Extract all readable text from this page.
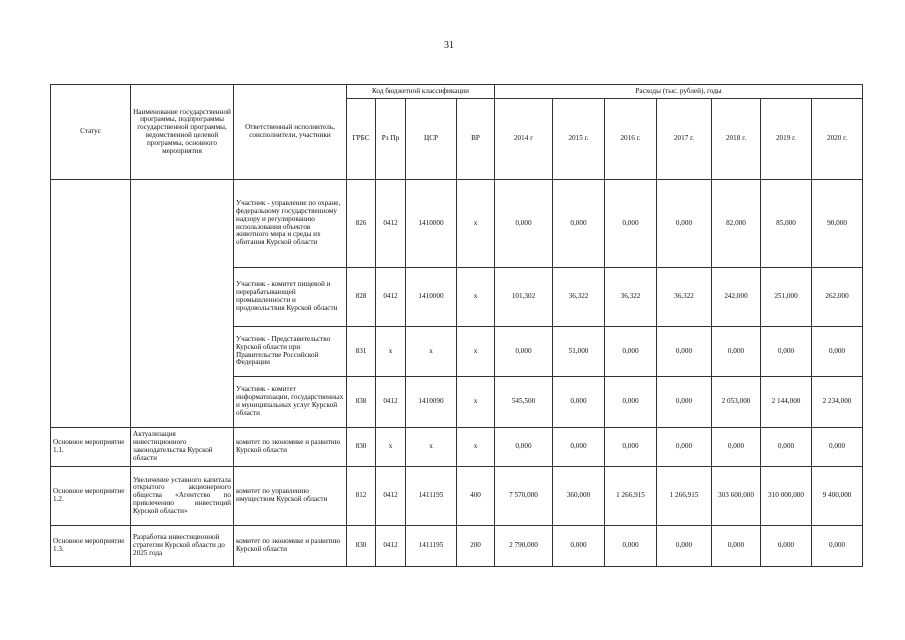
31
Статус	Наименование государственной программы, подпрограммы государственной программы, ведомственной целевой программы, основного мероприятия	Ответственный исполнитель, соисполнители, участники	Код бюджетной классификации				Расходы (тыс. рублей), годы						
			ГРБС	Рз Пр	ЦСР	ВР	2014 г	2015 г.	2016 г.	2017 г.	2018 г.	2019 г.	2020 г.
		Участник - управление по охране, федеральному государственному надзору и регулированию использования объектов животного мира и среды их обитания Курской области	826	0412	1410000	x	0,000	0,000	0,000	0,000	82,000	85,000	90,000
		Участник - комитет пищевой и перерабатывающей промышленности и продовольствия Курской области	828	0412	1410000	x	101,302	36,322	36,322	36,322	242,000	251,000	262,000
		Участник - Представительство Курской области при Правительстве Российской Федерации	831	x	x	x	0,000	51,000	0,000	0,000	0,000	0,000	0,000
		Участник - комитет информатизации, государственных и муниципальных услуг Курской области	838	0412	1410090	x	545,500	0,000	0,000	0,000	2 053,000	2 144,000	2 234,000
Основное мероприятие 1.1.	Актуализация инвестиционного законодательства Курской области	комитет по экономике и развитию Курской области	830	x	x	x	0,000	0,000	0,000	0,000	0,000	0,000	0,000
Основное мероприятие 1.2.	Увеличение уставного капитала открытого акционерного общества «Агентство по привлечению инвестиций Курской области»	комитет по управлению имуществом Курской области	812	0412	1411195	400	7 570,000	360,000	1 266,915	1 266,915	303 600,000	310 000,000	9 400,000
Основное мероприятие 1.3.	Разработка инвестиционной стратегии Курской области до 2025 года	комитет по экономике и развитию Курской области	830	0412	1411195	200	2 790,000	0,000	0,000	0,000	0,000	0,000	0,000
